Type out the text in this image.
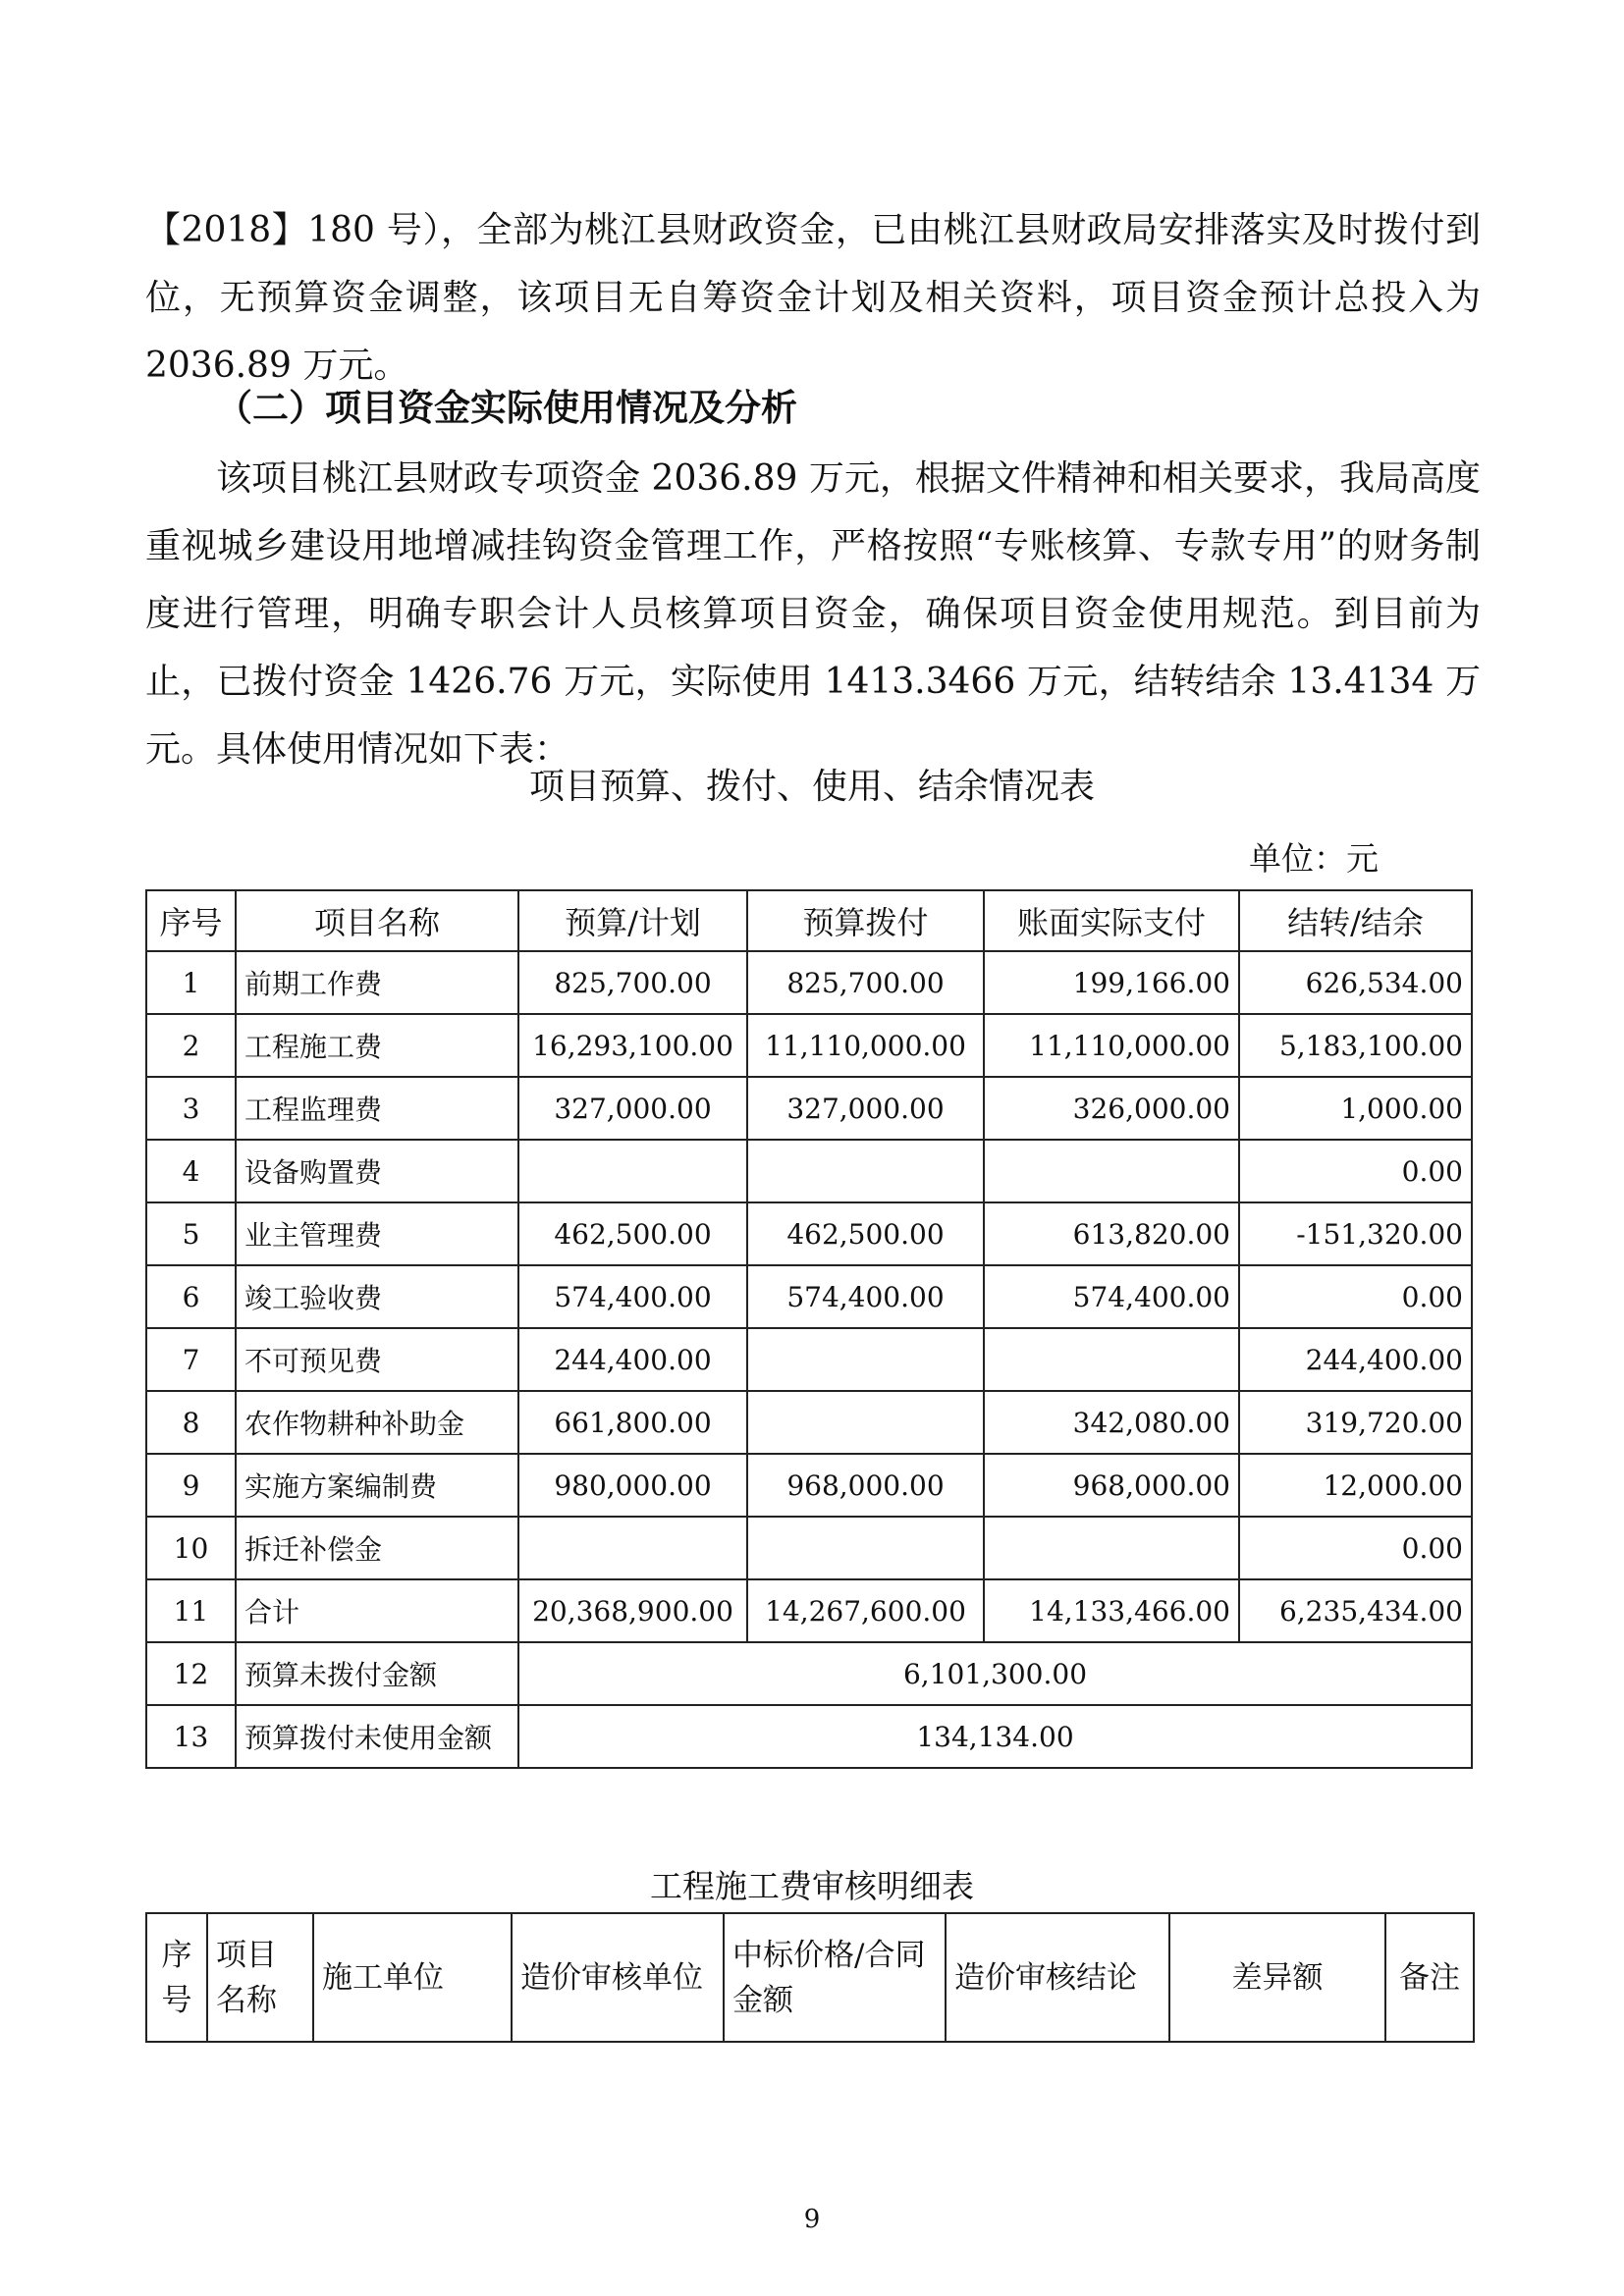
【2018】180 号），全部为桃江县财政资金，已由桃江县财政局安排落实及时拨付到位，无预算资金调整，该项目无自筹资金计划及相关资料，项目资金预计总投入为 2036.89 万元。

（二）项目资金实际使用情况及分析

该项目桃江县财政专项资金 2036.89 万元，根据文件精神和相关要求，我局高度重视城乡建设用地增减挂钩资金管理工作，严格按照“专账核算、专款专用”的财务制度进行管理，明确专职会计人员核算项目资金，确保项目资金使用规范。到目前为止，已拨付资金 1426.76 万元，实际使用 1413.3466 万元，结转结余 13.4134 万元。具体使用情况如下表：

项目预算、拨付、使用、结余情况表
单位：元
序号	项目名称	预算/计划	预算拨付	账面实际支付	结转/结余
1	前期工作费	825,700.00	825,700.00	199,166.00	626,534.00
2	工程施工费	16,293,100.00	11,110,000.00	11,110,000.00	5,183,100.00
3	工程监理费	327,000.00	327,000.00	326,000.00	1,000.00
4	设备购置费				0.00
5	业主管理费	462,500.00	462,500.00	613,820.00	-151,320.00
6	竣工验收费	574,400.00	574,400.00	574,400.00	0.00
7	不可预见费	244,400.00			244,400.00
8	农作物耕种补助金	661,800.00		342,080.00	319,720.00
9	实施方案编制费	980,000.00	968,000.00	968,000.00	12,000.00
10	拆迁补偿金				0.00
11	合计	20,368,900.00	14,267,600.00	14,133,466.00	6,235,434.00
12	预算未拨付金额	6,101,300.00			
13	预算拨付未使用金额	134,134.00			
工程施工费审核明细表
序号	项目名称	施工单位	造价审核单位	中标价格/合同金额	造价审核结论	差异额	备注
9
